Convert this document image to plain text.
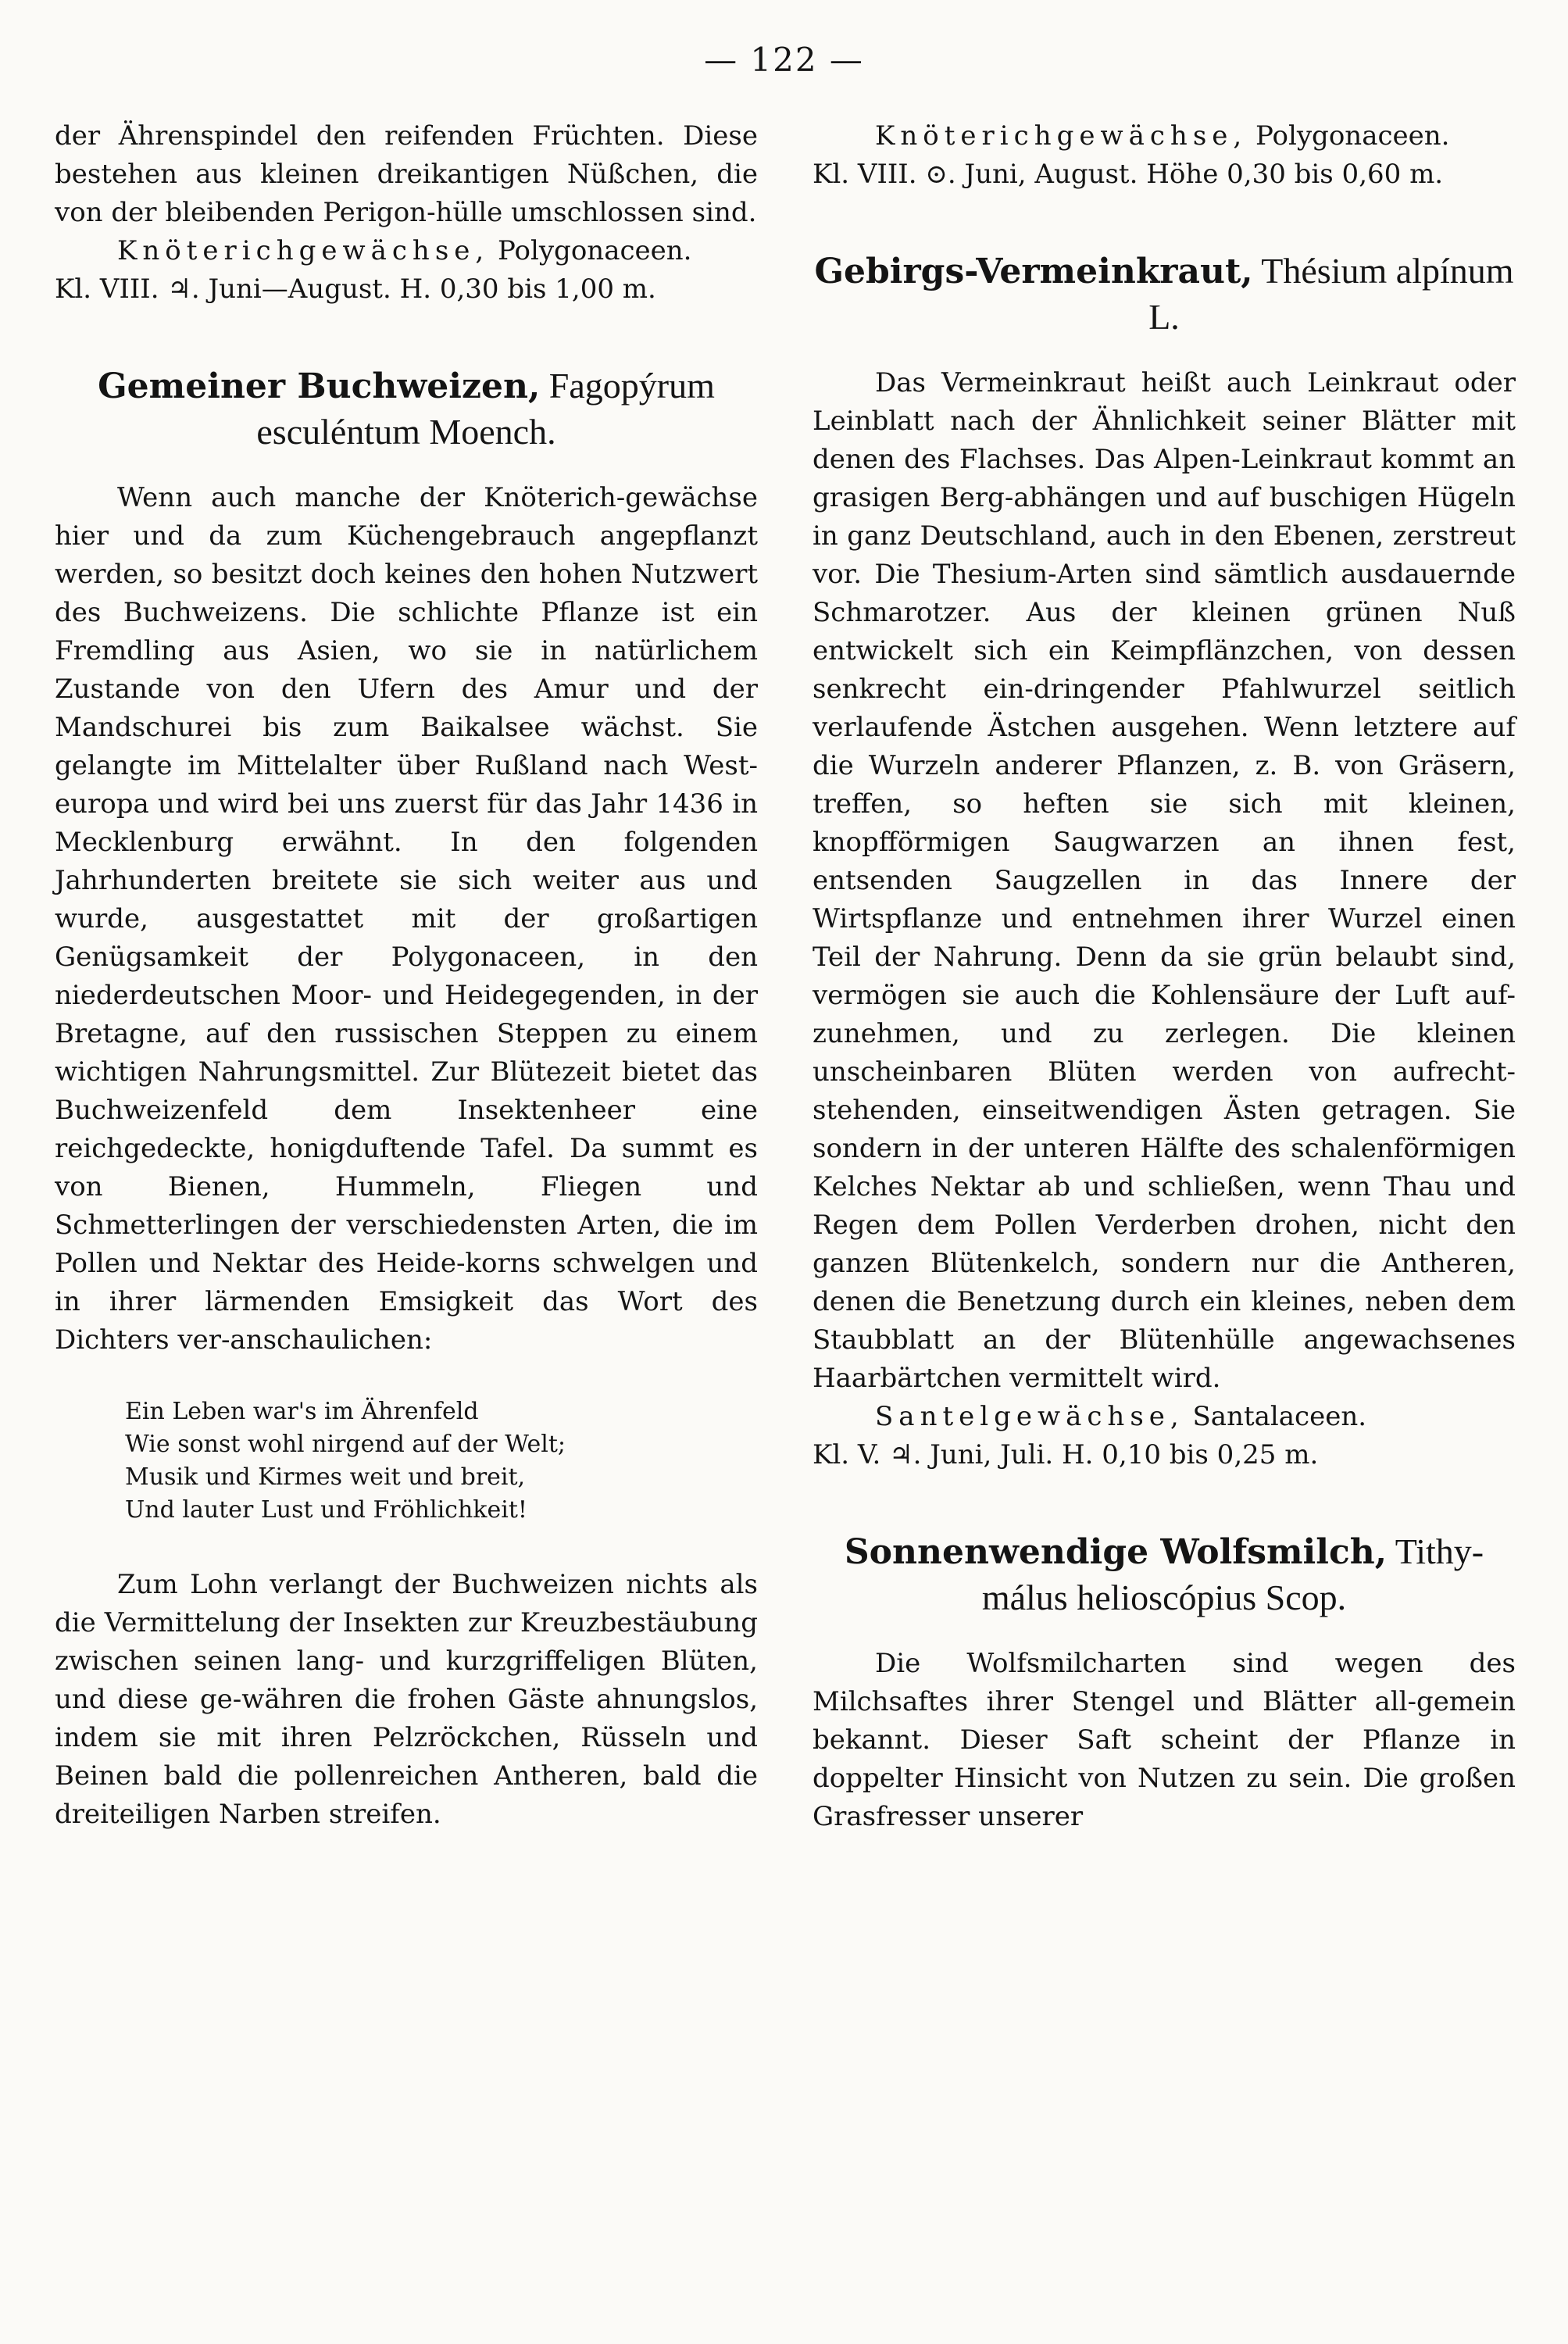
— 122 —

der Ährenspindel den reifenden Früchten. Diese bestehen aus kleinen dreikantigen Nüßchen, die von der bleibenden Perigon-hülle umschlossen sind.

Knöterichgewächse, Polygonaceen.

Kl. VIII. ♃. Juni—August. H. 0,30 bis 1,00 m.

Gemeiner Buchweizen, Fagopýrum esculéntum Moench.

Wenn auch manche der Knöterich-gewächse hier und da zum Küchengebrauch angepflanzt werden, so besitzt doch keines den hohen Nutzwert des Buchweizens. Die schlichte Pflanze ist ein Fremdling aus Asien, wo sie in natürlichem Zustande von den Ufern des Amur und der Mandschurei bis zum Baikalsee wächst. Sie gelangte im Mittelalter über Rußland nach West-europa und wird bei uns zuerst für das Jahr 1436 in Mecklenburg erwähnt. In den folgenden Jahrhunderten breitete sie sich weiter aus und wurde, ausgestattet mit der großartigen Genügsamkeit der Polygonaceen, in den niederdeutschen Moor- und Heidegegenden, in der Bretagne, auf den russischen Steppen zu einem wichtigen Nahrungsmittel. Zur Blütezeit bietet das Buchweizenfeld dem Insektenheer eine reichgedeckte, honigduftende Tafel. Da summt es von Bienen, Hummeln, Fliegen und Schmetterlingen der verschiedensten Arten, die im Pollen und Nektar des Heide-korns schwelgen und in ihrer lärmenden Emsigkeit das Wort des Dichters ver-anschaulichen:

Ein Leben war's im Ährenfeld
Wie sonst wohl nirgend auf der Welt;
Musik und Kirmes weit und breit,
Und lauter Lust und Fröhlichkeit!

Zum Lohn verlangt der Buchweizen nichts als die Vermittelung der Insekten zur Kreuzbestäubung zwischen seinen lang- und kurzgriffeligen Blüten, und diese ge-währen die frohen Gäste ahnungslos, indem sie mit ihren Pelzröckchen, Rüsseln und Beinen bald die pollenreichen Antheren, bald die dreiteiligen Narben streifen.

Knöterichgewächse, Polygonaceen.

Kl. VIII. ⊙. Juni, August. Höhe 0,30 bis 0,60 m.

Gebirgs-Vermeinkraut, Thésium alpínum L.

Das Vermeinkraut heißt auch Leinkraut oder Leinblatt nach der Ähnlichkeit seiner Blätter mit denen des Flachses. Das Alpen-Leinkraut kommt an grasigen Berg-abhängen und auf buschigen Hügeln in ganz Deutschland, auch in den Ebenen, zerstreut vor. Die Thesium-Arten sind sämtlich ausdauernde Schmarotzer. Aus der kleinen grünen Nuß entwickelt sich ein Keimpflänzchen, von dessen senkrecht ein-dringender Pfahlwurzel seitlich verlaufende Ästchen ausgehen. Wenn letztere auf die Wurzeln anderer Pflanzen, z. B. von Gräsern, treffen, so heften sie sich mit kleinen, knopfförmigen Saugwarzen an ihnen fest, entsenden Saugzellen in das Innere der Wirtspflanze und entnehmen ihrer Wurzel einen Teil der Nahrung. Denn da sie grün belaubt sind, vermögen sie auch die Kohlensäure der Luft auf-zunehmen, und zu zerlegen. Die kleinen unscheinbaren Blüten werden von aufrecht-stehenden, einseitwendigen Ästen getragen. Sie sondern in der unteren Hälfte des schalenförmigen Kelches Nektar ab und schließen, wenn Thau und Regen dem Pollen Verderben drohen, nicht den ganzen Blütenkelch, sondern nur die Antheren, denen die Benetzung durch ein kleines, neben dem Staubblatt an der Blütenhülle angewachsenes Haarbärtchen vermittelt wird.

Santelgewächse, Santalaceen.

Kl. V. ♃. Juni, Juli. H. 0,10 bis 0,25 m.

Sonnenwendige Wolfsmilch, Tithy-málus helioscópius Scop.

Die Wolfsmilcharten sind wegen des Milchsaftes ihrer Stengel und Blätter all-gemein bekannt. Dieser Saft scheint der Pflanze in doppelter Hinsicht von Nutzen zu sein. Die großen Grasfresser unserer
